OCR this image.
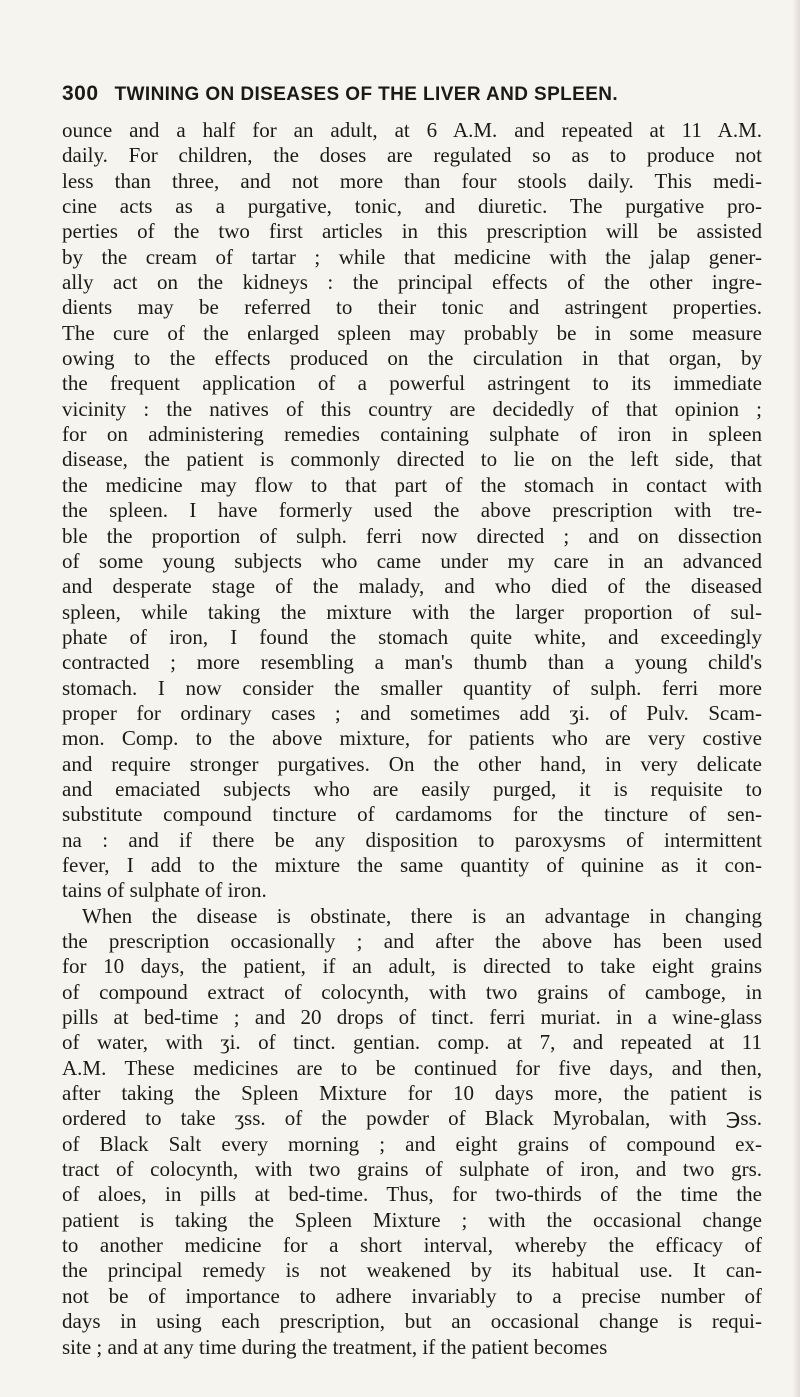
300 TWINING ON DISEASES OF THE LIVER AND SPLEEN.
ounce and a half for an adult, at 6 A.M. and repeated at 11 A.M.
daily. For children, the doses are regulated so as to produce not
less than three, and not more than four stools daily. This medi-
cine acts as a purgative, tonic, and diuretic. The purgative pro-
perties of the two first articles in this prescription will be assisted
by the cream of tartar ; while that medicine with the jalap gener-
ally act on the kidneys : the principal effects of the other ingre-
dients may be referred to their tonic and astringent properties.
The cure of the enlarged spleen may probably be in some measure
owing to the effects produced on the circulation in that organ, by
the frequent application of a powerful astringent to its immediate
vicinity : the natives of this country are decidedly of that opinion ;
for on administering remedies containing sulphate of iron in spleen
disease, the patient is commonly directed to lie on the left side, that
the medicine may flow to that part of the stomach in contact with
the spleen. I have formerly used the above prescription with tre-
ble the proportion of sulph. ferri now directed ; and on dissection
of some young subjects who came under my care in an advanced
and desperate stage of the malady, and who died of the diseased
spleen, while taking the mixture with the larger proportion of sul-
phate of iron, I found the stomach quite white, and exceedingly
contracted ; more resembling a man's thumb than a young child's
stomach. I now consider the smaller quantity of sulph. ferri more
proper for ordinary cases ; and sometimes add ʒi. of Pulv. Scam-
mon. Comp. to the above mixture, for patients who are very costive
and require stronger purgatives. On the other hand, in very delicate
and emaciated subjects who are easily purged, it is requisite to
substitute compound tincture of cardamoms for the tincture of sen-
na : and if there be any disposition to paroxysms of intermittent
fever, I add to the mixture the same quantity of quinine as it con-
tains of sulphate of iron.
When the disease is obstinate, there is an advantage in changing
the prescription occasionally ; and after the above has been used
for 10 days, the patient, if an adult, is directed to take eight grains
of compound extract of colocynth, with two grains of camboge, in
pills at bed-time ; and 20 drops of tinct. ferri muriat. in a wine-glass
of water, with ʒi. of tinct. gentian. comp. at 7, and repeated at 11
A.M. These medicines are to be continued for five days, and then,
after taking the Spleen Mixture for 10 days more, the patient is
ordered to take ʒss. of the powder of Black Myrobalan, with ℈ss.
of Black Salt every morning ; and eight grains of compound ex-
tract of colocynth, with two grains of sulphate of iron, and two grs.
of aloes, in pills at bed-time. Thus, for two-thirds of the time the
patient is taking the Spleen Mixture ; with the occasional change
to another medicine for a short interval, whereby the efficacy of
the principal remedy is not weakened by its habitual use. It can-
not be of importance to adhere invariably to a precise number of
days in using each prescription, but an occasional change is requi-
site ; and at any time during the treatment, if the patient becomes
